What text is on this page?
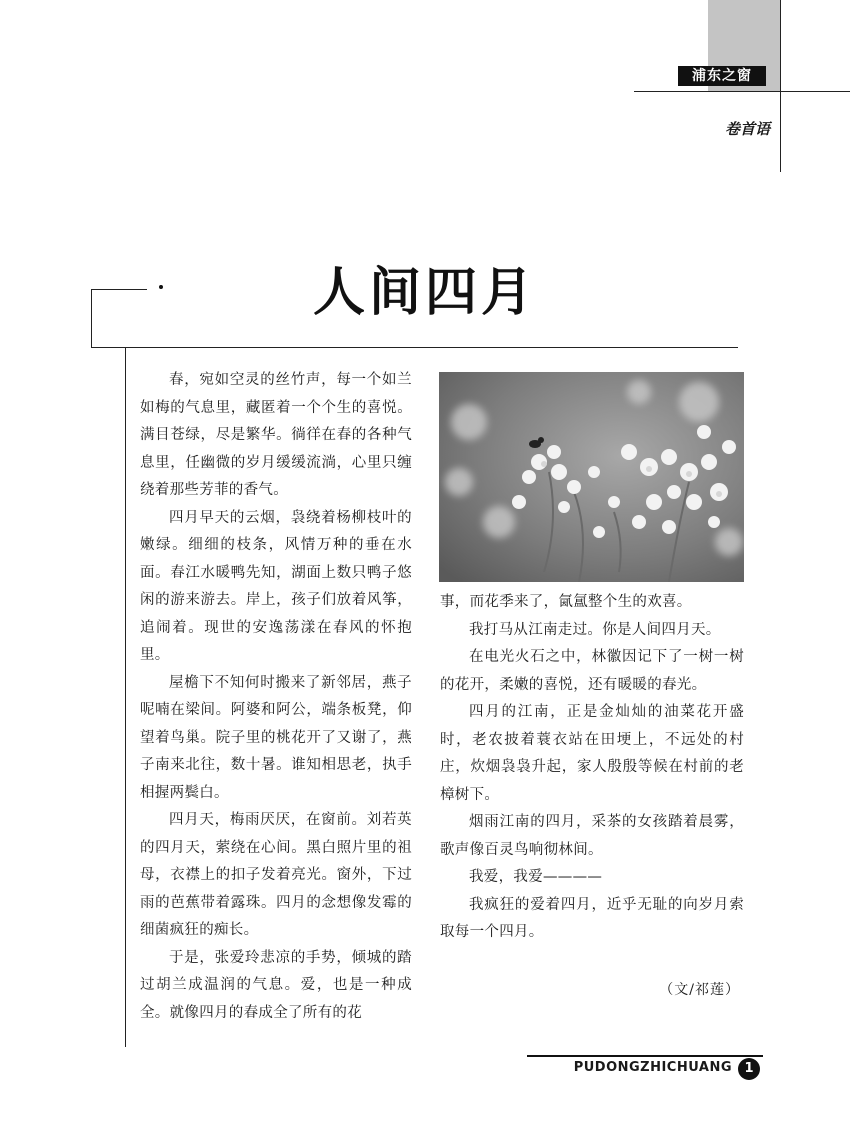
浦东之窗
卷首语
人间四月

春，宛如空灵的丝竹声，每一个如兰如梅的气息里，藏匿着一个个生的喜悦。满目苍绿，尽是繁华。徜徉在春的各种气息里，任幽微的岁月缓缓流淌，心里只缠绕着那些芳菲的香气。

四月早天的云烟，袅绕着杨柳枝叶的嫩绿。细细的枝条，风情万种的垂在水面。春江水暖鸭先知，湖面上数只鸭子悠闲的游来游去。岸上，孩子们放着风筝，追闹着。现世的安逸荡漾在春风的怀抱里。

屋檐下不知何时搬来了新邻居，燕子呢喃在梁间。阿婆和阿公，端条板凳，仰望着鸟巢。院子里的桃花开了又谢了，燕子南来北往，数十暑。谁知相思老，执手相握两鬓白。

四月天，梅雨厌厌，在窗前。刘若英的四月天，萦绕在心间。黑白照片里的祖母，衣襟上的扣子发着亮光。窗外，下过雨的芭蕉带着露珠。四月的念想像发霉的细菌疯狂的痴长。

于是，张爱玲悲凉的手势，倾城的踏过胡兰成温润的气息。爱，也是一种成全。就像四月的春成全了所有的花

事，而花季来了，氤氲整个生的欢喜。

我打马从江南走过。你是人间四月天。

在电光火石之中，林徽因记下了一树一树的花开，柔嫩的喜悦，还有暖暖的春光。

四月的江南，正是金灿灿的油菜花开盛时，老农披着蓑衣站在田埂上，不远处的村庄，炊烟袅袅升起，家人殷殷等候在村前的老樟树下。

烟雨江南的四月，采茶的女孩踏着晨雾，歌声像百灵鸟响彻林间。

我爱，我爱————

我疯狂的爱着四月，近乎无耻的向岁月索取每一个四月。

（文/祁莲）
PUDONGZHICHUANG 1
